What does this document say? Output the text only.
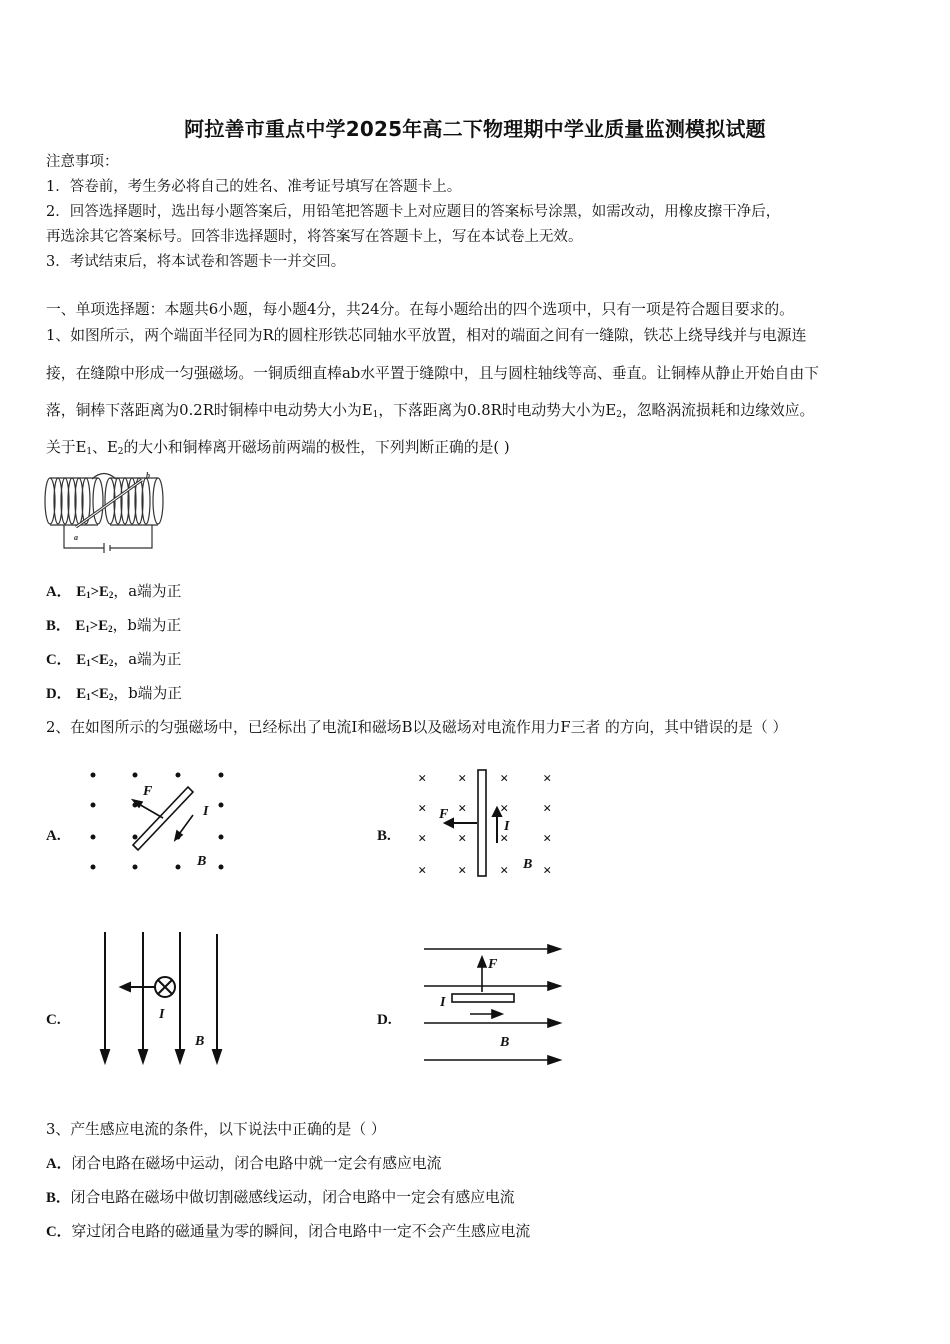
阿拉善市重点中学2025年高二下物理期中学业质量监测模拟试题
注意事项：
1．答卷前，考生务必将自己的姓名、准考证号填写在答题卡上。
2．回答选择题时，选出每小题答案后，用铅笔把答题卡上对应题目的答案标号涂黑，如需改动，用橡皮擦干净后，
再选涂其它答案标号。回答非选择题时，将答案写在答题卡上，写在本试卷上无效。
3．考试结束后，将本试卷和答题卡一并交回。
一、单项选择题：本题共6小题，每小题4分，共24分。在每小题给出的四个选项中，只有一项是符合题目要求的。
1、如图所示，两个端面半径同为R的圆柱形铁芯同轴水平放置，相对的端面之间有一缝隙，铁芯上绕导线并与电源连
接，在缝隙中形成一匀强磁场。一铜质细直棒ab水平置于缝隙中，且与圆柱轴线等高、垂直。让铜棒从静止开始自由下
落，铜棒下落距离为0.2R时铜棒中电动势大小为$E_1$，下落距离为0.8R时电动势大小为$E_2$，忽略涡流损耗和边缘效应。
关于$E_1$、$E_2$的大小和铜棒离开磁场前两端的极性，下列判断正确的是( )
a
b
A． $E_1>E_2$，a端为正
B． $E_1>E_2$，b端为正
C． $E_1<E_2$，a端为正
D． $E_1<E_2$，b端为正
2、在如图所示的匀强磁场中，已经标出了电流I和磁场B以及磁场对电流作用力F三者 的方向，其中错误的是（ ）
A.
F
I
B
B.
× × × ×
× × × ×
× × × ×
× × × ×
F
I
B
C.	I
B
D.
F
I
B
3、产生感应电流的条件，以下说法中正确的是（ ）
A．闭合电路在磁场中运动，闭合电路中就一定会有感应电流
B．闭合电路在磁场中做切割磁感线运动，闭合电路中一定会有感应电流
C．穿过闭合电路的磁通量为零的瞬间，闭合电路中一定不会产生感应电流
